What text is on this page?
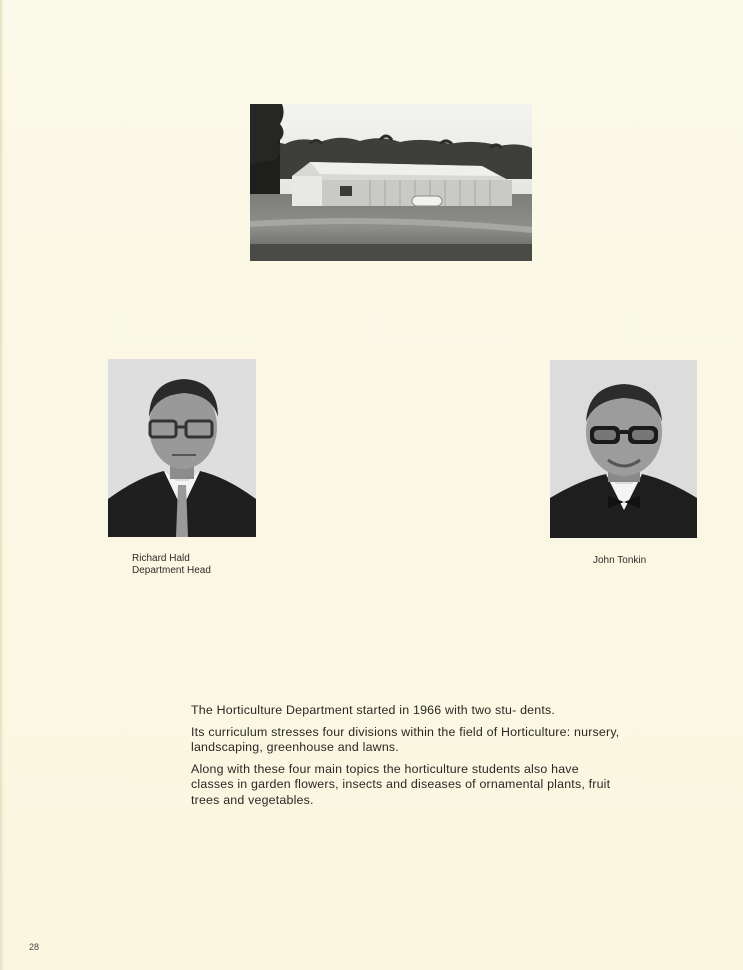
Richard Hald
Department Head
John Tonkin

The Horticulture Department started in 1966 with two stu- dents.

Its curriculum stresses four divisions within the field of Horticulture: nursery, landscaping, greenhouse and lawns.

Along with these four main topics the horticulture students also have classes in garden flowers, insects and diseases of ornamental plants, fruit trees and vegetables.

28
